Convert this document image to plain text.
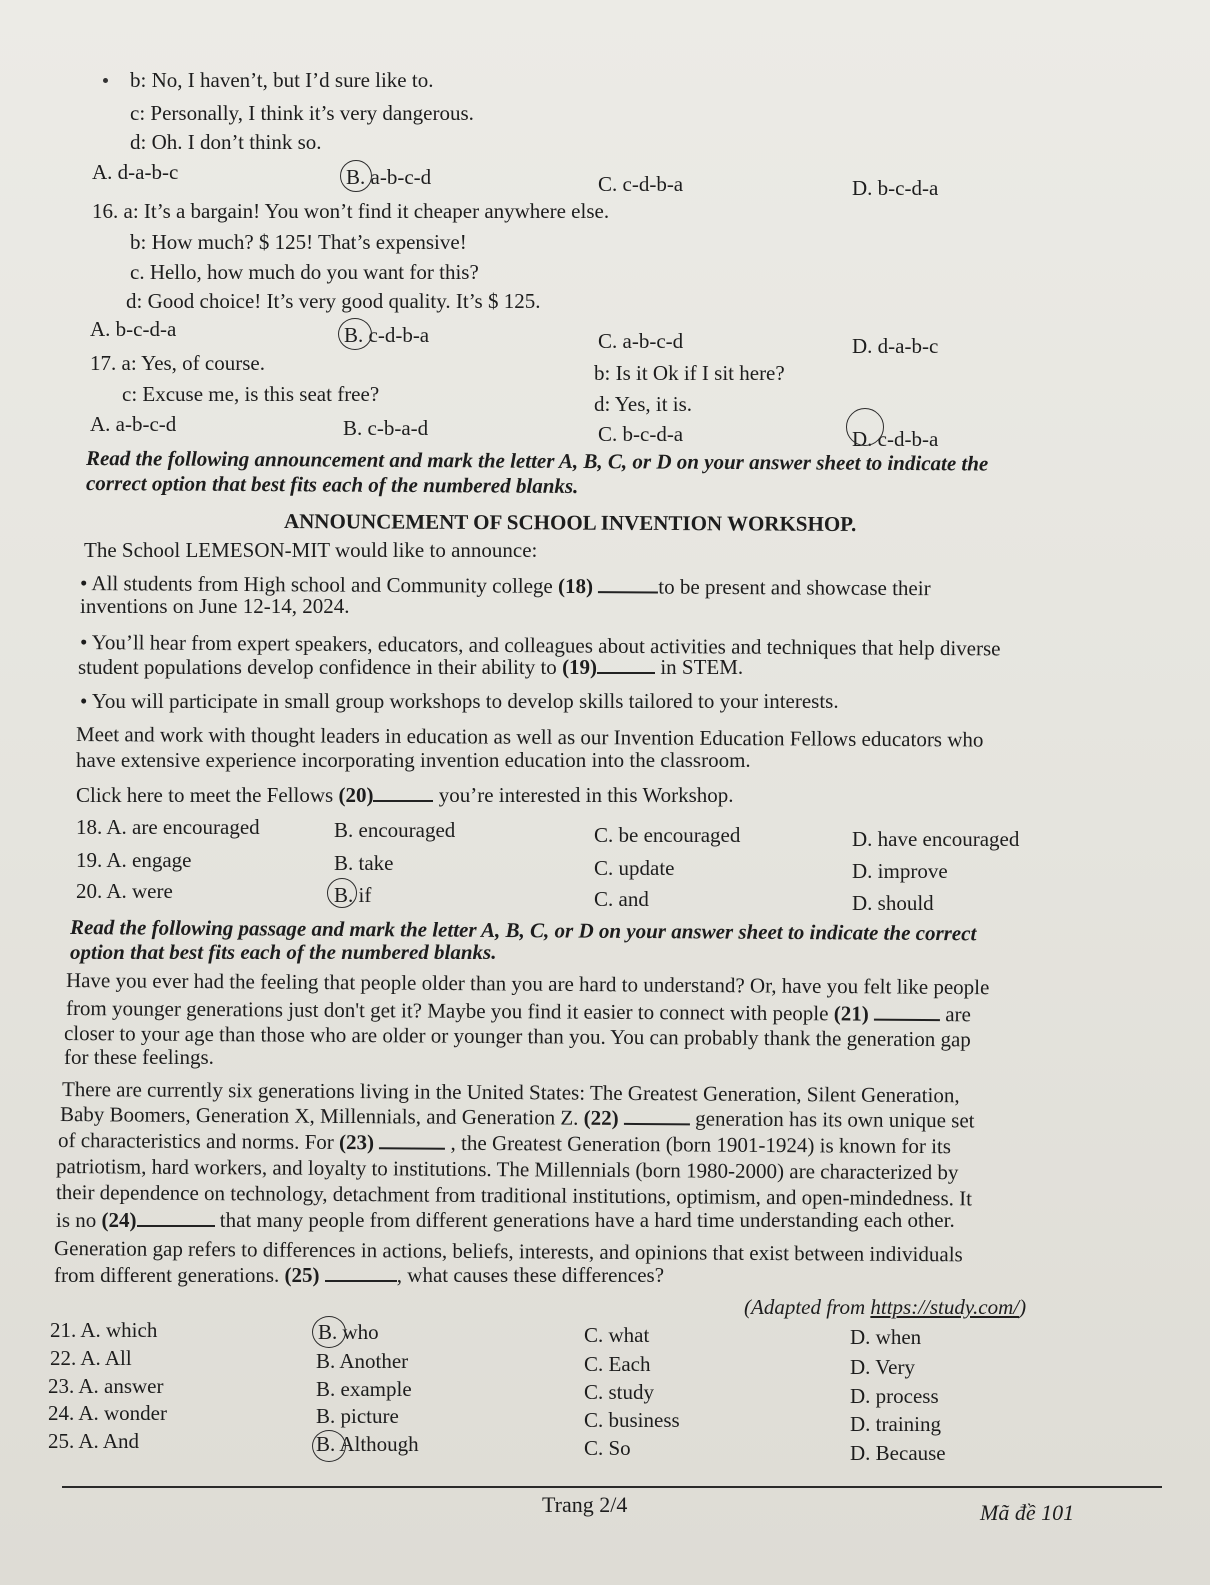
b: No, I haven’t, but I’d sure like to.
c: Personally, I think it’s very dangerous.
d: Oh. I don’t think so.
A. d-a-b-c	B. a-b-c-d	C. c-d-b-a	D. b-c-d-a
16. a: It’s a bargain! You won’t find it cheaper anywhere else.
b: How much? $ 125! That’s expensive!
c. Hello, how much do you want for this?
d: Good choice! It’s very good quality. It’s $ 125.
A. b-c-d-a	B. c-d-b-a	C. a-b-c-d	D. d-a-b-c
17. a: Yes, of course.	b: Is it Ok if I sit here?
c: Excuse me, is this seat free?	d: Yes, it is.
A. a-b-c-d	B. c-b-a-d	C. b-c-d-a	D. c-d-b-a
Read the following announcement and mark the letter A, B, C, or D on your answer sheet to indicate the
correct option that best fits each of the numbered blanks.
ANNOUNCEMENT OF SCHOOL INVENTION WORKSHOP.
The School LEMESON-MIT would like to announce:
• All students from High school and Community college (18)	to be present and showcase their
inventions on June 12-14, 2024.
• You’ll hear from expert speakers, educators, and colleagues about activities and techniques that help diverse
student populations develop confidence in their ability to (19)	in STEM.
• You will participate in small group workshops to develop skills tailored to your interests.
Meet and work with thought leaders in education as well as our Invention Education Fellows educators who
have extensive experience incorporating invention education into the classroom.
Click here to meet the Fellows (20)	you’re interested in this Workshop.
18. A. are encouraged	B. encouraged	C. be encouraged	D. have encouraged
19. A. engage	B. take	C. update	D. improve
20. A. were	B. if	C. and	D. should
Read the following passage and mark the letter A, B, C, or D on your answer sheet to indicate the correct
option that best fits each of the numbered blanks.
Have you ever had the feeling that people older than you are hard to understand? Or, have you felt like people
from younger generations just don't get it? Maybe you find it easier to connect with people (21)	are
closer to your age than those who are older or younger than you. You can probably thank the generation gap
for these feelings.
There are currently six generations living in the United States: The Greatest Generation, Silent Generation,
Baby Boomers, Generation X, Millennials, and Generation Z. (22)	generation has its own unique set
of characteristics and norms. For (23)	, the Greatest Generation (born 1901-1924) is known for its
patriotism, hard workers, and loyalty to institutions. The Millennials (born 1980-2000) are characterized by
their dependence on technology, detachment from traditional institutions, optimism, and open-mindedness. It
is no (24)	that many people from different generations have a hard time understanding each other.
Generation gap refers to differences in actions, beliefs, interests, and opinions that exist between individuals
from different generations. (25)	, what causes these differences?
(Adapted from https://study.com/)
21. A. which	B. who	C. what	D. when
22. A. All	B. Another	C. Each	D. Very
23. A. answer	B. example	C. study	D. process
24. A. wonder	B. picture	C. business	D. training
25. A. And	B. Although	C. So	D. Because
Trang 2/4	Mã đề 101
